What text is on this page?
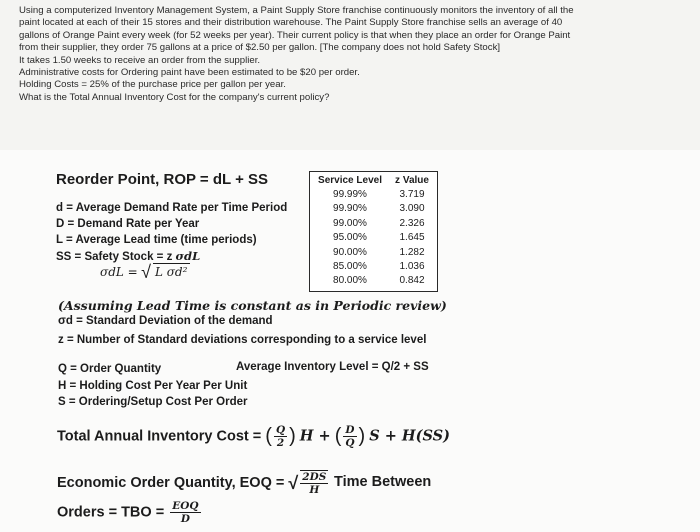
Using a computerized Inventory Management System, a Paint Supply Store franchise continuously monitors the inventory of all the

paint located at each of their 15 stores and their distribution warehouse. The Paint Supply Store franchise sells an average of 40

gallons of Orange Paint every week (for 52 weeks per year). Their current policy is that when they place an order for Orange Paint

from their supplier, they order 75 gallons at a price of $2.50 per gallon. [The company does not hold Safety Stock]

It takes 1.50 weeks to receive an order from the supplier.

Administrative costs for Ordering paint have been estimated to be $20 per order.

Holding Costs = 25% of the purchase price per gallon per year.

What is the Total Annual Inventory Cost for the company's current policy?

Reorder Point, ROP = dL + SS
d = Average Demand Rate per Time Period
D = Demand Rate per Year
L = Average Lead time (time periods)
SS = Safety Stock = z σdL
σdL = √ L σd²
(Assuming Lead Time is constant as in Periodic review)
σd = Standard Deviation of the demand
z = Number of Standard deviations corresponding to a service level
Q = Order Quantity
H = Holding Cost Per Year Per Unit
S = Ordering/Setup Cost Per Order
Average Inventory Level = Q/2 + SS
Total Annual Inventory Cost = ( $\frac{Q}{2}$ ) H + ( $\frac{D}{Q}$ ) S + H(SS)
Economic Order Quantity, EOQ = √ $\frac{2DS}{H}$ Time Between
Orders = TBO = $\frac{\text{EOQ}}{D}$
Service Level	z Value
99.99%	3.719
99.90%	3.090
99.00%	2.326
95.00%	1.645
90.00%	1.282
85.00%	1.036
80.00%	0.842
